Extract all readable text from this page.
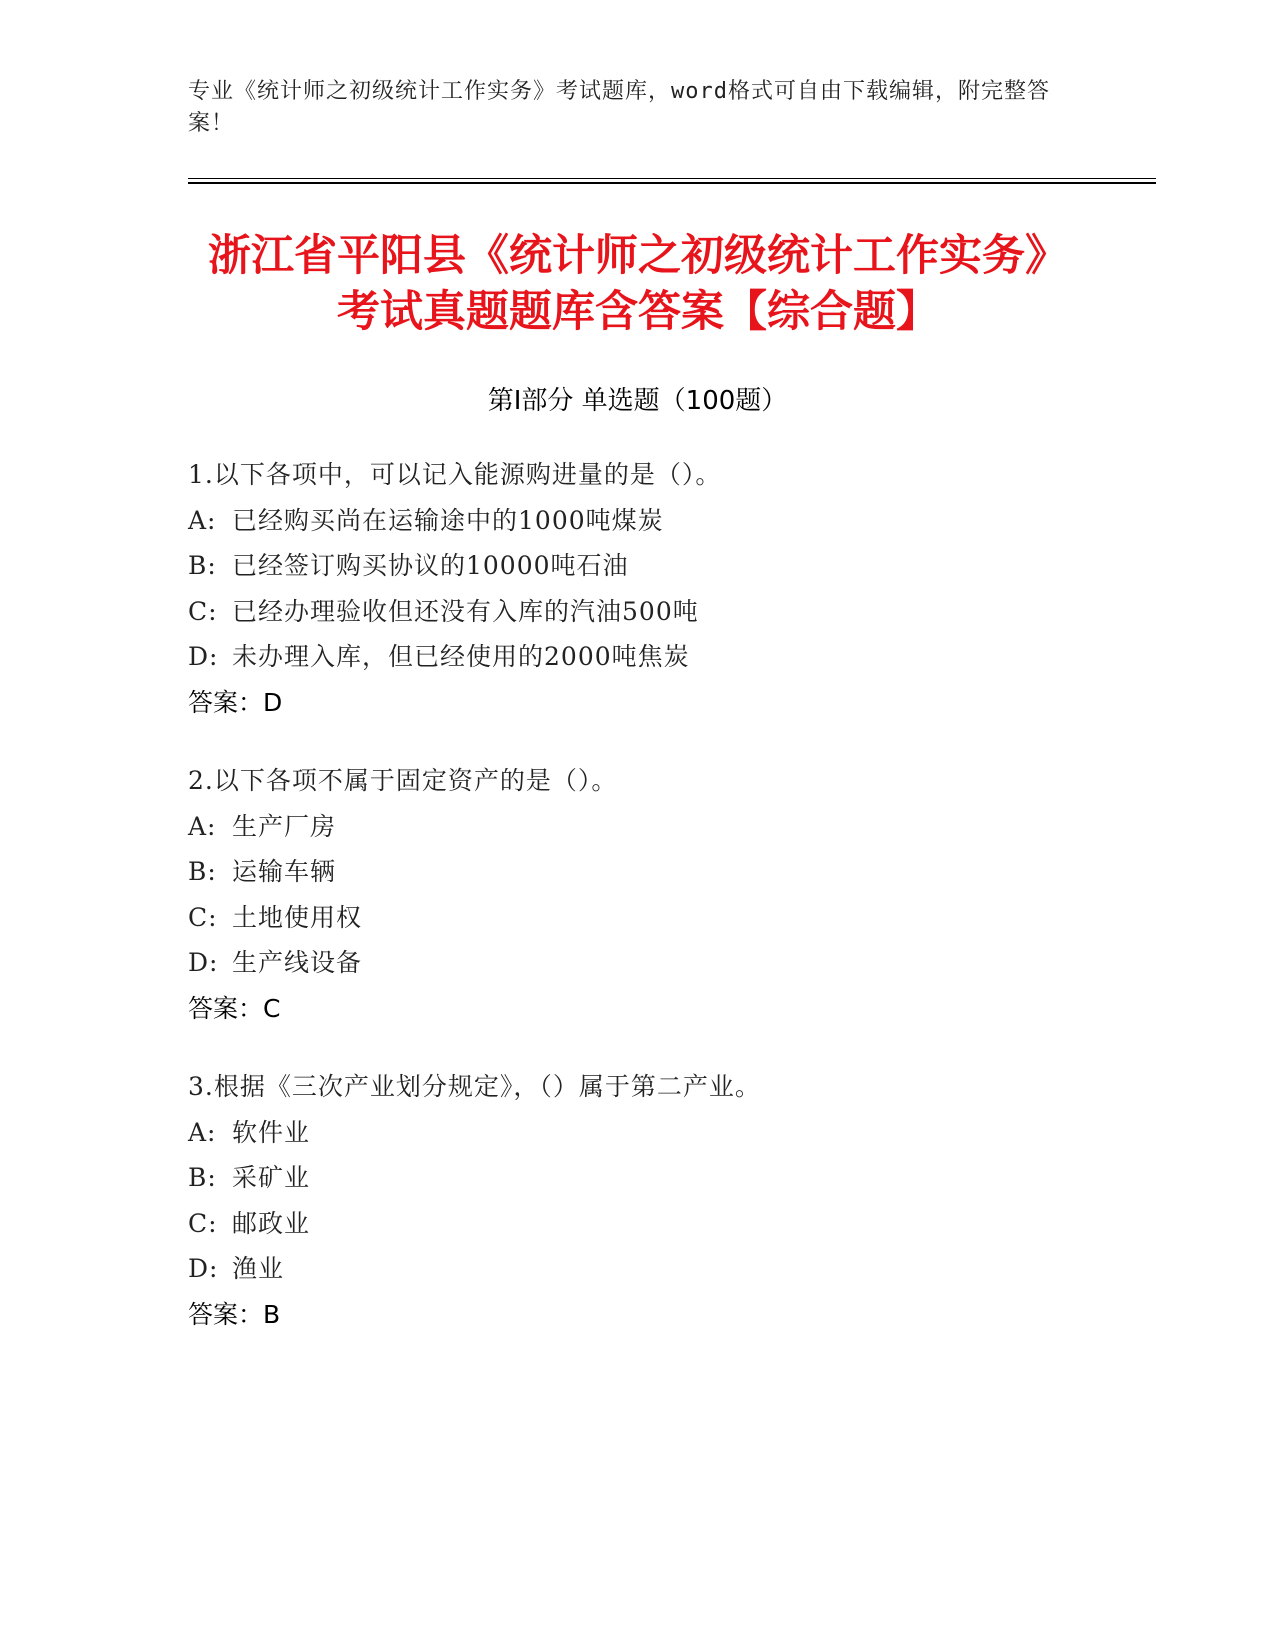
专业《统计师之初级统计工作实务》考试题库，word格式可自由下载编辑，附完整答案！
浙江省平阳县《统计师之初级统计工作实务》考试真题题库含答案【综合题】
第Ⅰ部分 单选题（100题）
1.以下各项中，可以记入能源购进量的是（）。
A: 已经购买尚在运输途中的1000吨煤炭
B: 已经签订购买协议的10000吨石油
C: 已经办理验收但还没有入库的汽油500吨
D: 未办理入库，但已经使用的2000吨焦炭
答案：D
2.以下各项不属于固定资产的是（）。
A: 生产厂房
B: 运输车辆
C: 土地使用权
D: 生产线设备
答案：C
3.根据《三次产业划分规定》，（）属于第二产业。
A: 软件业
B: 采矿业
C: 邮政业
D: 渔业
答案：B
